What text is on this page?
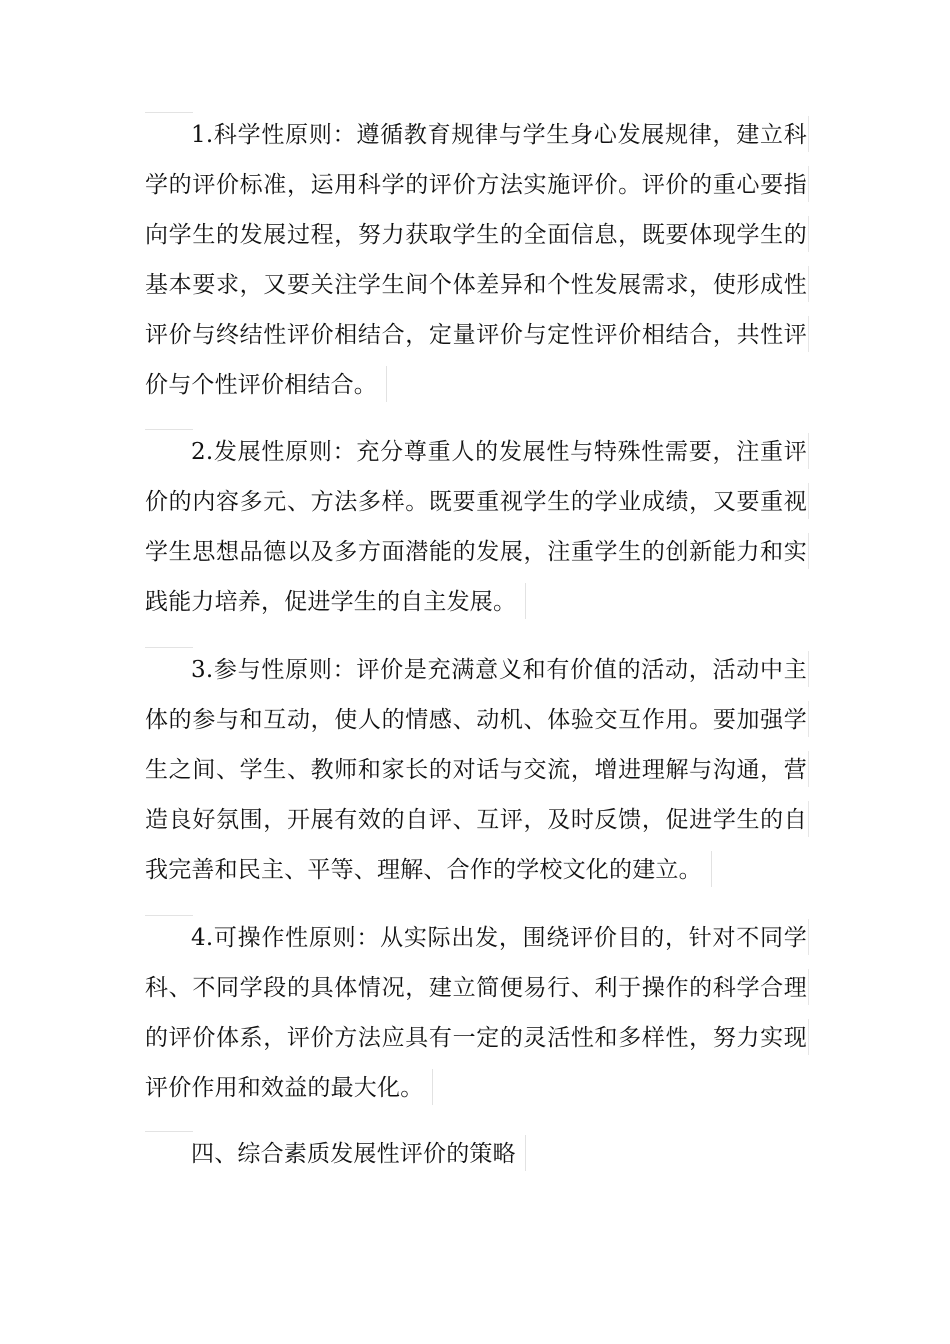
1.科学性原则：遵循教育规律与学生身心发展规律，建立科
学的评价标准，运用科学的评价方法实施评价。评价的重心要指
向学生的发展过程，努力获取学生的全面信息，既要体现学生的
基本要求，又要关注学生间个体差异和个性发展需求，使形成性
评价与终结性评价相结合，定量评价与定性评价相结合，共性评
价与个性评价相结合。
2.发展性原则：充分尊重人的发展性与特殊性需要，注重评
价的内容多元、方法多样。既要重视学生的学业成绩，又要重视
学生思想品德以及多方面潜能的发展，注重学生的创新能力和实
践能力培养，促进学生的自主发展。
3.参与性原则：评价是充满意义和有价值的活动，活动中主
体的参与和互动，使人的情感、动机、体验交互作用。要加强学
生之间、学生、教师和家长的对话与交流，增进理解与沟通，营
造良好氛围，开展有效的自评、互评，及时反馈，促进学生的自
我完善和民主、平等、理解、合作的学校文化的建立。
4.可操作性原则：从实际出发，围绕评价目的，针对不同学
科、不同学段的具体情况，建立简便易行、利于操作的科学合理
的评价体系，评价方法应具有一定的灵活性和多样性，努力实现
评价作用和效益的最大化。
四、综合素质发展性评价的策略
